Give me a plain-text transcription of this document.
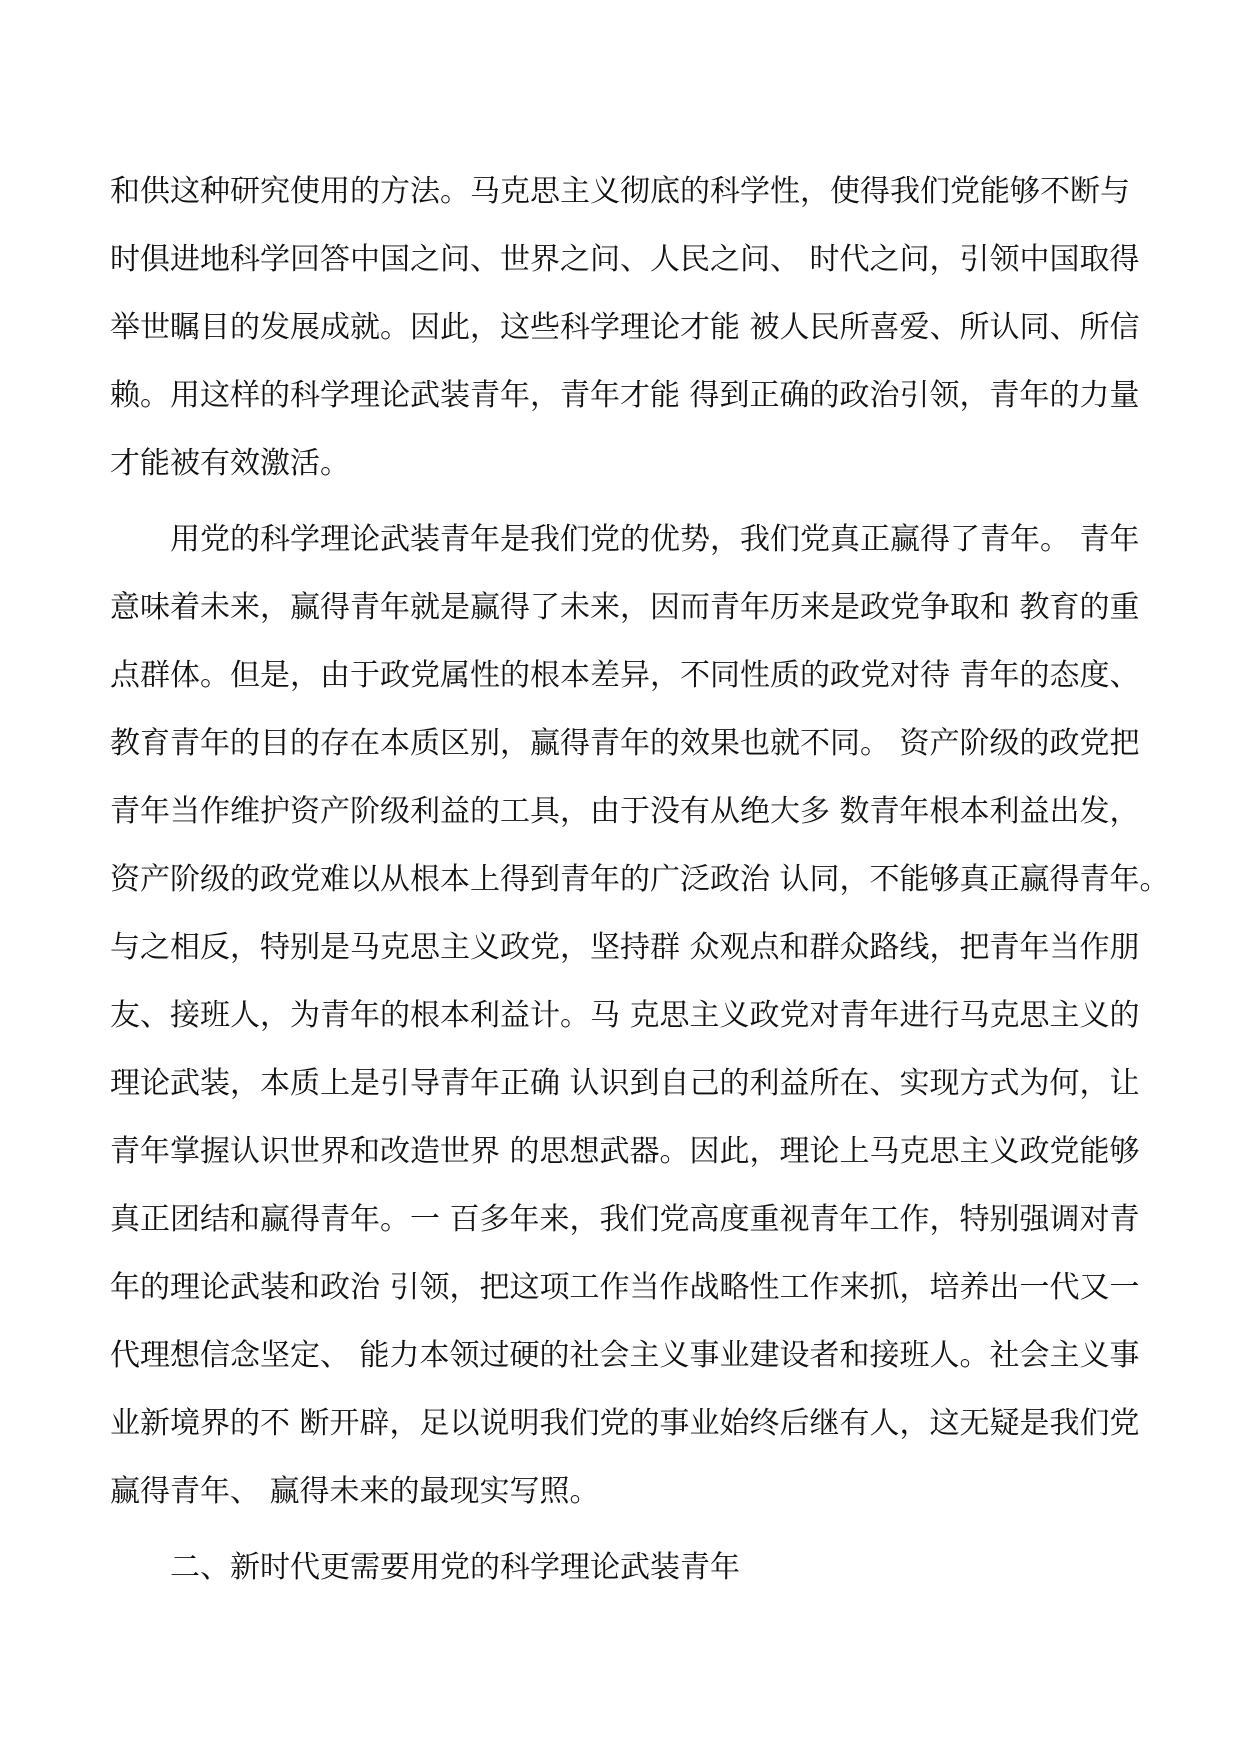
和供这种研究使用的方法。马克思主义彻底的科学性，使得我们党能够不断与
时俱进地科学回答中国之问、世界之问、人民之问、 时代之问，引领中国取得
举世瞩目的发展成就。因此，这些科学理论才能 被人民所喜爱、所认同、所信
赖。用这样的科学理论武装青年，青年才能 得到正确的政治引领，青年的力量
才能被有效激活。
用党的科学理论武装青年是我们党的优势，我们党真正赢得了青年。 青年
意味着未来，赢得青年就是赢得了未来，因而青年历来是政党争取和 教育的重
点群体。但是，由于政党属性的根本差异，不同性质的政党对待 青年的态度、
教育青年的目的存在本质区别，赢得青年的效果也就不同。 资产阶级的政党把
青年当作维护资产阶级利益的工具，由于没有从绝大多 数青年根本利益出发，
资产阶级的政党难以从根本上得到青年的广泛政治 认同，不能够真正赢得青年。
与之相反，特别是马克思主义政党，坚持群 众观点和群众路线，把青年当作朋
友、接班人，为青年的根本利益计。马 克思主义政党对青年进行马克思主义的
理论武装，本质上是引导青年正确 认识到自己的利益所在、实现方式为何，让
青年掌握认识世界和改造世界 的思想武器。因此，理论上马克思主义政党能够
真正团结和赢得青年。一 百多年来，我们党高度重视青年工作，特别强调对青
年的理论武装和政治 引领，把这项工作当作战略性工作来抓，培养出一代又一
代理想信念坚定、 能力本领过硬的社会主义事业建设者和接班人。社会主义事
业新境界的不 断开辟，足以说明我们党的事业始终后继有人，这无疑是我们党
赢得青年、 赢得未来的最现实写照。
二、新时代更需要用党的科学理论武装青年
